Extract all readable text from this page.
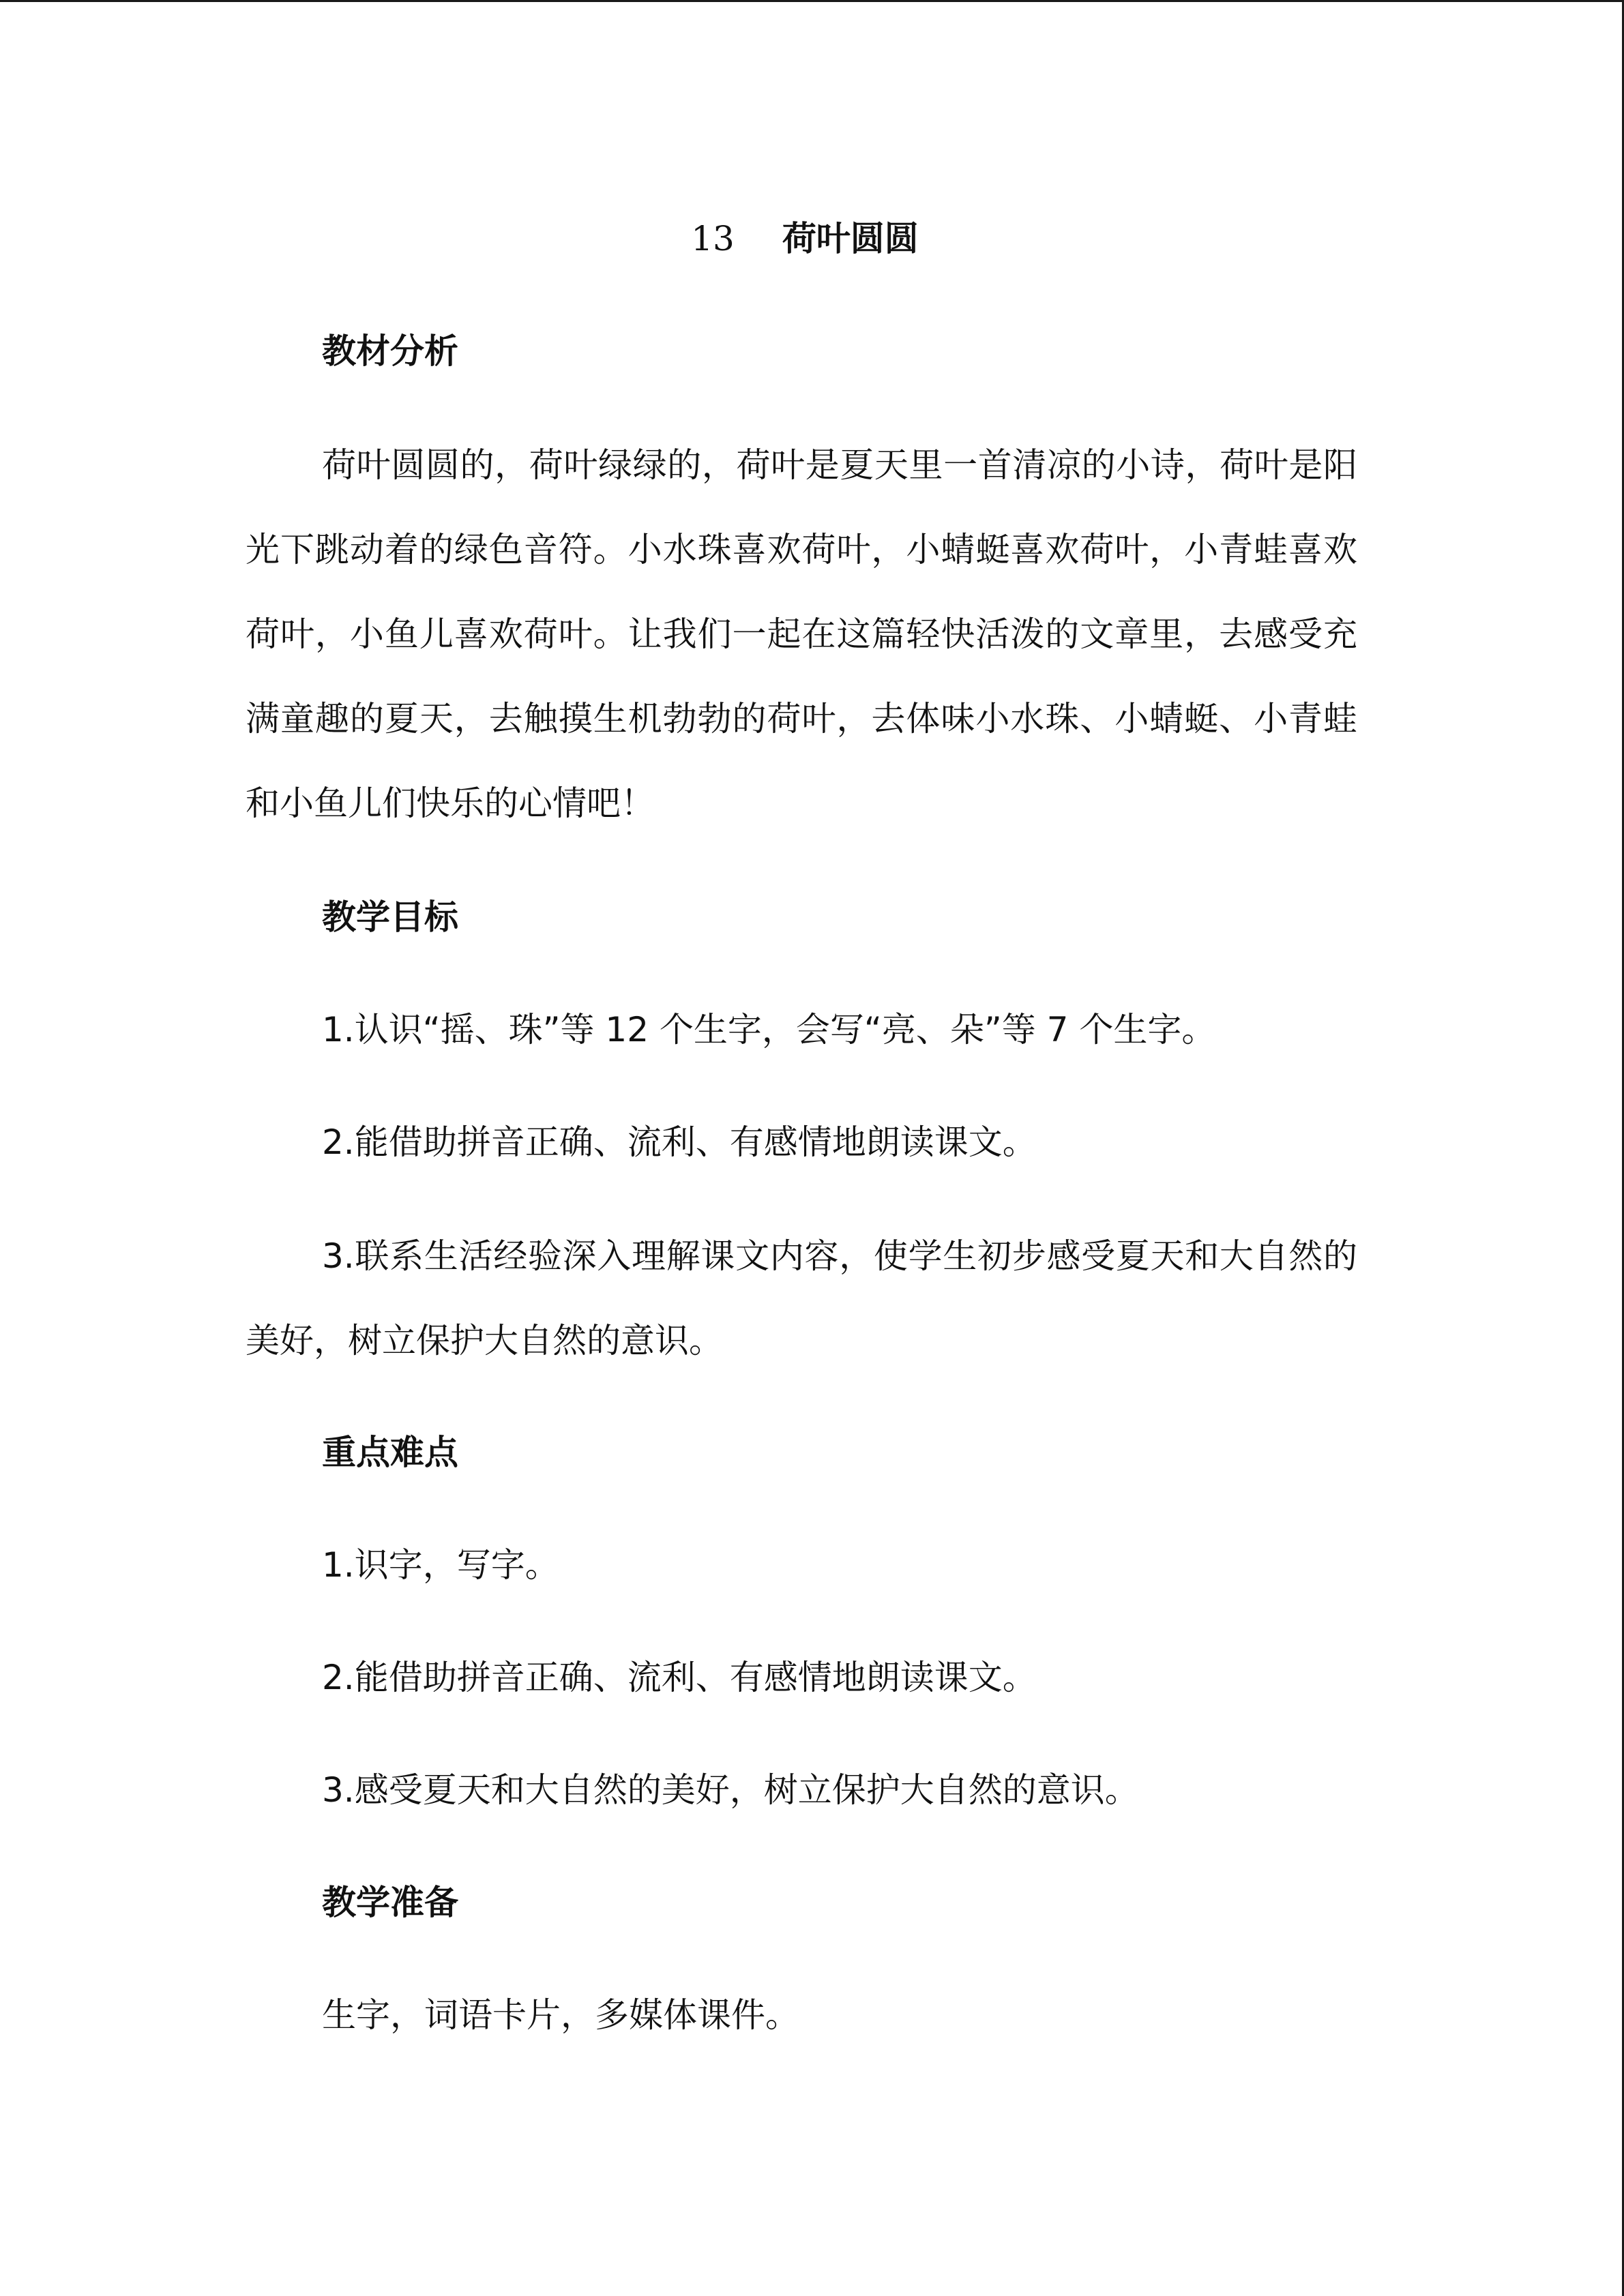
13 荷叶圆圆
教材分析
荷叶圆圆的，荷叶绿绿的，荷叶是夏天里一首清凉的小诗，荷叶是阳光下跳动着的绿色音符。小水珠喜欢荷叶，小蜻蜓喜欢荷叶，小青蛙喜欢荷叶，小鱼儿喜欢荷叶。让我们一起在这篇轻快活泼的文章里，去感受充满童趣的夏天，去触摸生机勃勃的荷叶，去体味小水珠、小蜻蜓、小青蛙和小鱼儿们快乐的心情吧！
教学目标
1.认识“摇、珠”等 12 个生字，会写“亮、朵”等 7 个生字。
2.能借助拼音正确、流利、有感情地朗读课文。
3.联系生活经验深入理解课文内容，使学生初步感受夏天和大自然的美好，树立保护大自然的意识。
重点难点
1.识字，写字。
2.能借助拼音正确、流利、有感情地朗读课文。
3.感受夏天和大自然的美好，树立保护大自然的意识。
教学准备
生字，词语卡片，多媒体课件。
